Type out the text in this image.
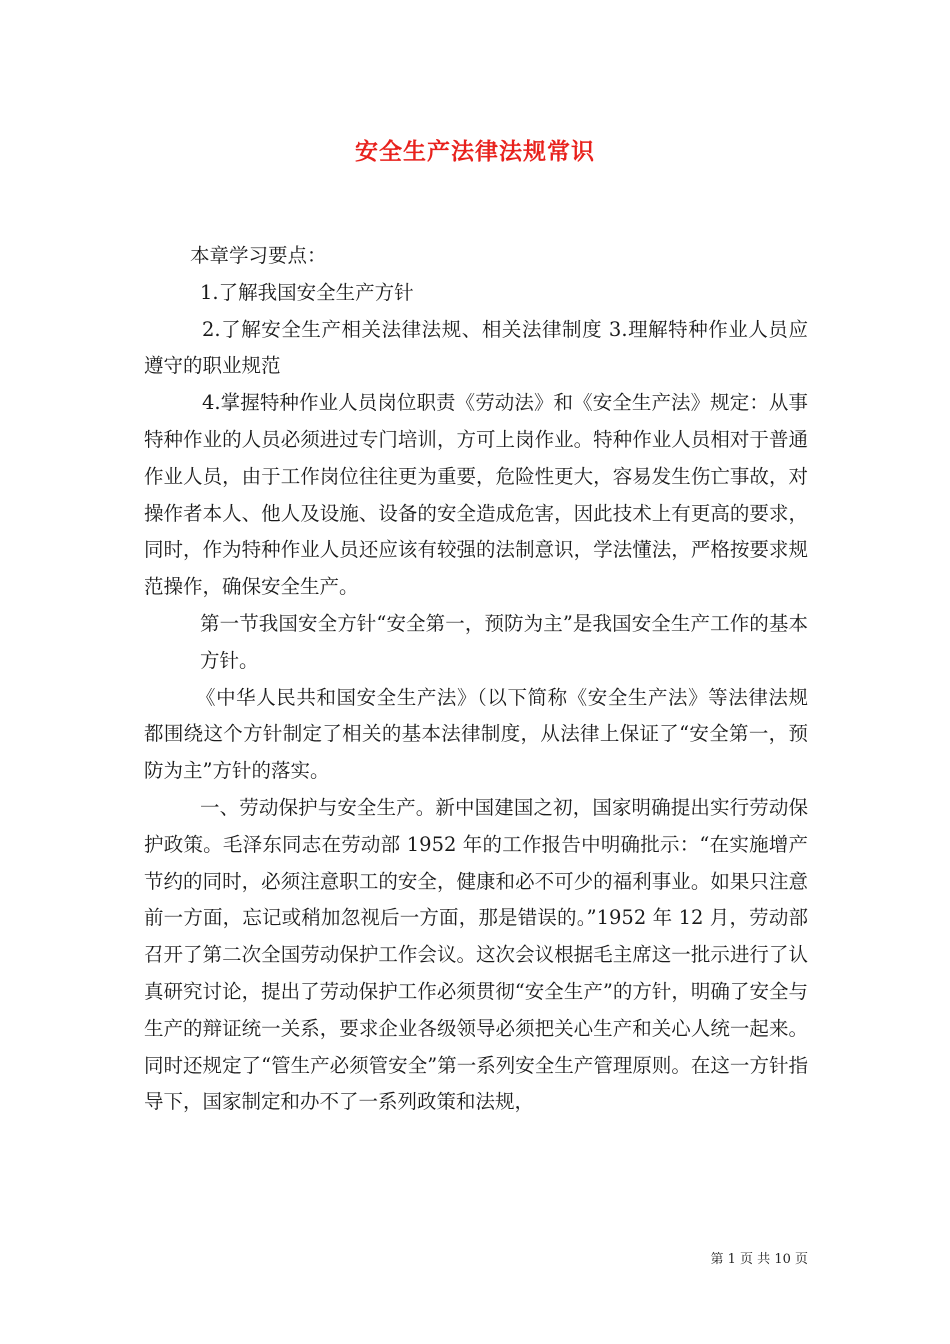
安全生产法律法规常识

本章学习要点：

1.了解我国安全生产方针

2.了解安全生产相关法律法规、相关法律制度 3.理解特种作业人员应遵守的职业规范

4.掌握特种作业人员岗位职责《劳动法》和《安全生产法》规定：从事特种作业的人员必须进过专门培训，方可上岗作业。特种作业人员相对于普通作业人员，由于工作岗位往往更为重要，危险性更大，容易发生伤亡事故，对操作者本人、他人及设施、设备的安全造成危害，因此技术上有更高的要求，同时，作为特种作业人员还应该有较强的法制意识，学法懂法，严格按要求规范操作，确保安全生产。

第一节我国安全方针“安全第一，预防为主”是我国安全生产工作的基本方针。

《中华人民共和国安全生产法》（以下简称《安全生产法》等法律法规都围绕这个方针制定了相关的基本法律制度，从法律上保证了“安全第一，预防为主”方针的落实。

一、劳动保护与安全生产。新中国建国之初，国家明确提出实行劳动保护政策。毛泽东同志在劳动部 1952 年的工作报告中明确批示：“在实施增产节约的同时，必须注意职工的安全，健康和必不可少的福利事业。如果只注意前一方面，忘记或稍加忽视后一方面，那是错误的。”1952 年 12 月，劳动部召开了第二次全国劳动保护工作会议。这次会议根据毛主席这一批示进行了认真研究讨论，提出了劳动保护工作必须贯彻“安全生产”的方针，明确了安全与生产的辩证统一关系，要求企业各级领导必须把关心生产和关心人统一起来。同时还规定了“管生产必须管安全”第一系列安全生产管理原则。在这一方针指导下，国家制定和办不了一系列政策和法规，

第 1 页 共 10 页
